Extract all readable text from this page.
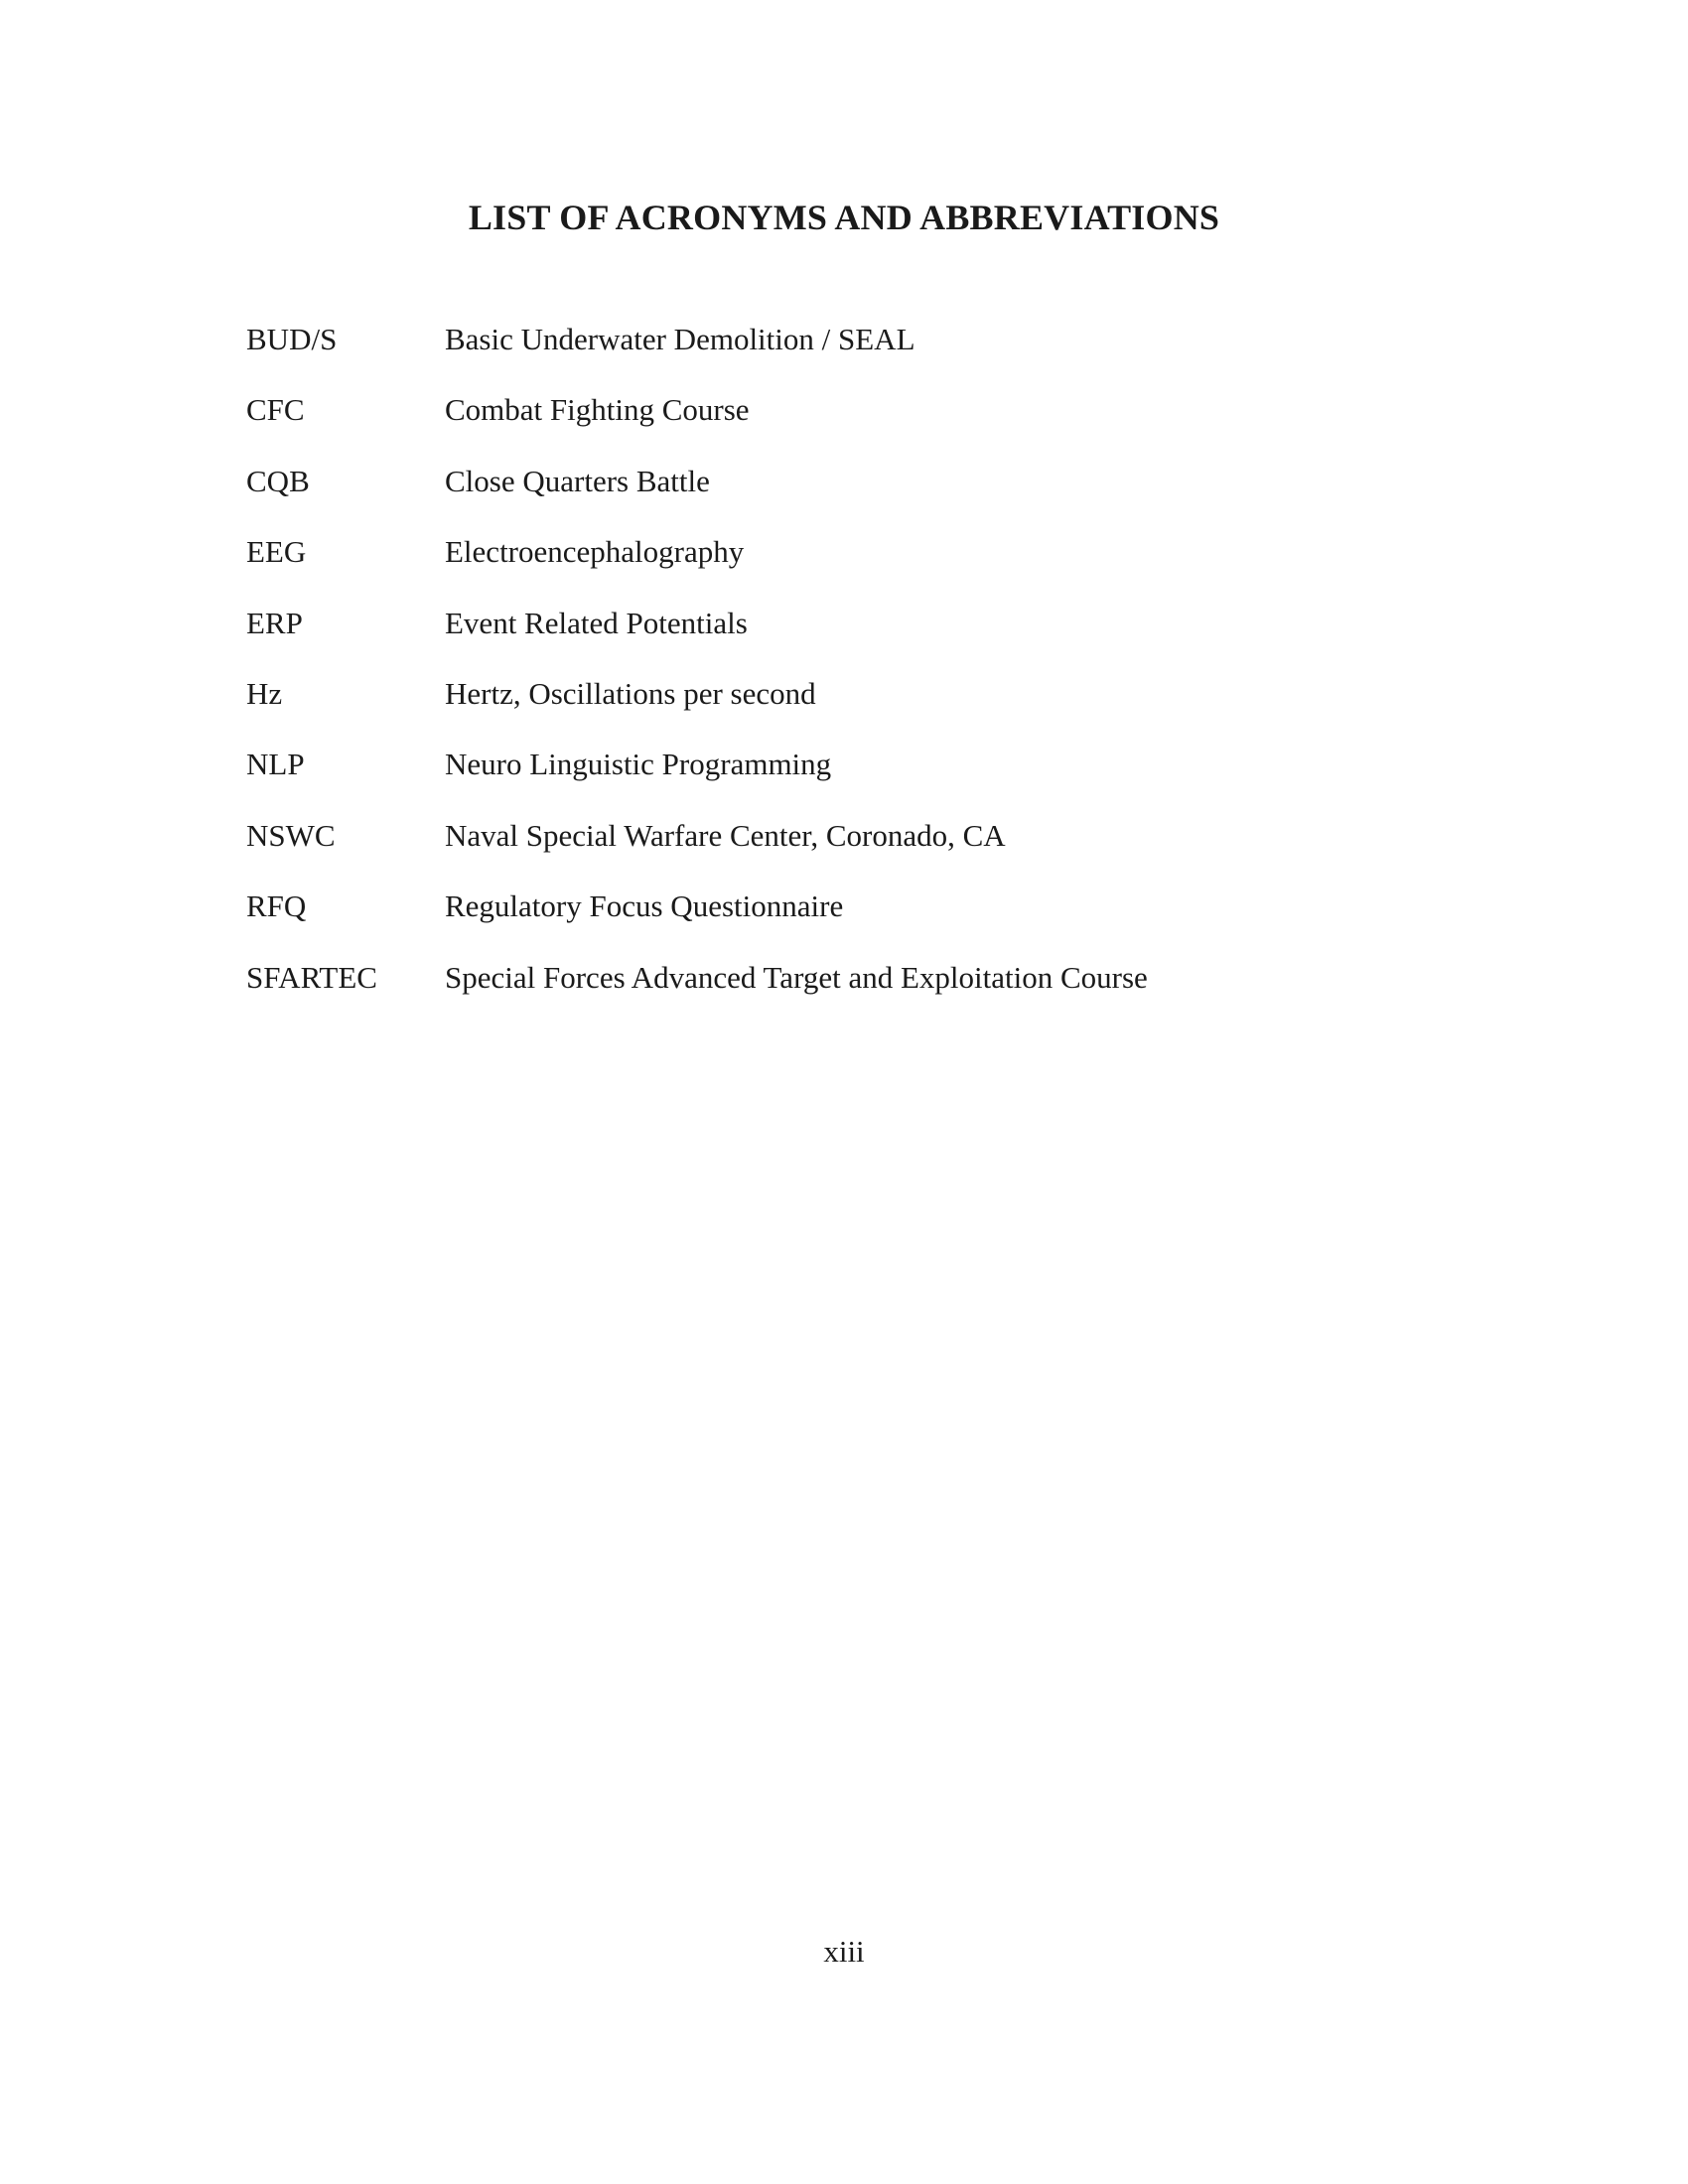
LIST OF ACRONYMS AND ABBREVIATIONS
BUD/S	Basic Underwater Demolition / SEAL
CFC	Combat Fighting Course
CQB	Close Quarters Battle
EEG	Electroencephalography
ERP	Event Related Potentials
Hz	Hertz, Oscillations per second
NLP	Neuro Linguistic Programming
NSWC	Naval Special Warfare Center, Coronado, CA
RFQ	Regulatory Focus Questionnaire
SFARTEC	Special Forces Advanced Target and Exploitation Course

xiii
